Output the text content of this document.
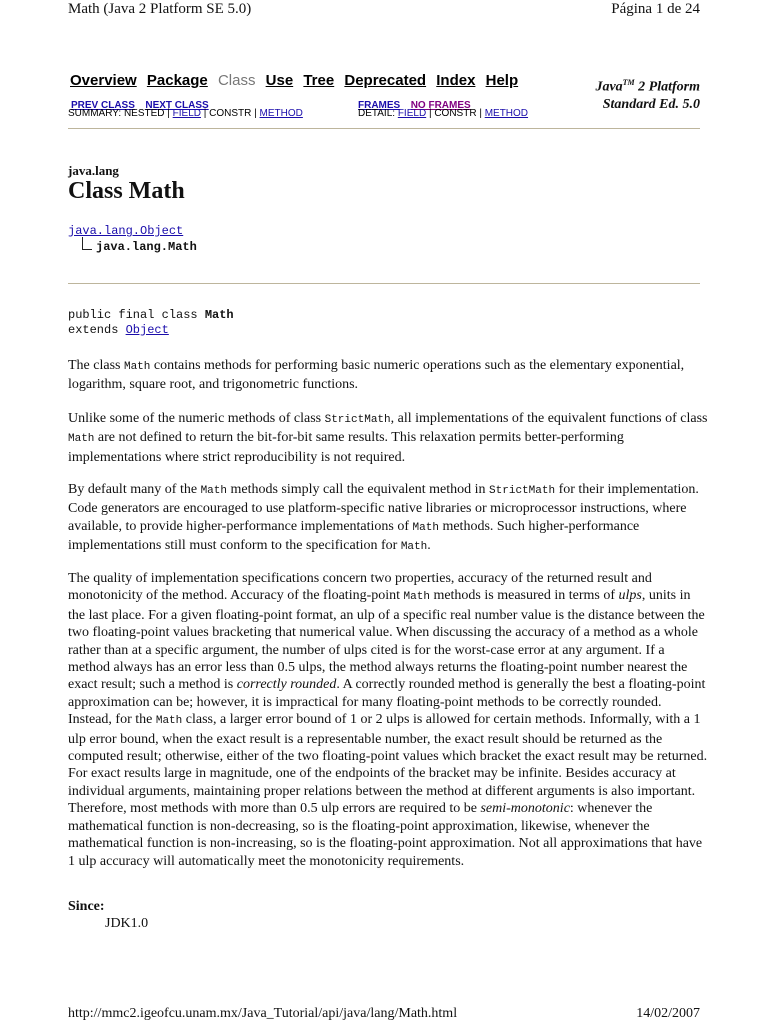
Math (Java 2 Platform SE 5.0)	Página 1 de 24
Overview Package Class Use Tree Deprecated Index Help	Java™ 2 Platform
Standard Ed. 5.0
PREV CLASS NEXT CLASS	FRAMES NO FRAMES
SUMMARY: NESTED | FIELD | CONSTR | METHOD	DETAIL: FIELD | CONSTR | METHOD
java.lang
Class Math
java.lang.Object
java.lang.Math
public final class Math
extends Object
The class Math contains methods for performing basic numeric operations such as the elementary exponential, logarithm, square root, and trigonometric functions.
Unlike some of the numeric methods of class StrictMath, all implementations of the equivalent functions of class Math are not defined to return the bit-for-bit same results. This relaxation permits better-performing implementations where strict reproducibility is not required.
By default many of the Math methods simply call the equivalent method in StrictMath for their implementation. Code generators are encouraged to use platform-specific native libraries or microprocessor instructions, where available, to provide higher-performance implementations of Math methods. Such higher-performance implementations still must conform to the specification for Math.
The quality of implementation specifications concern two properties, accuracy of the returned result and monotonicity of the method. Accuracy of the floating-point Math methods is measured in terms of ulps, units in the last place. For a given floating-point format, an ulp of a specific real number value is the distance between the two floating-point values bracketing that numerical value. When discussing the accuracy of a method as a whole rather than at a specific argument, the number of ulps cited is for the worst-case error at any argument. If a method always has an error less than 0.5 ulps, the method always returns the floating-point number nearest the exact result; such a method is correctly rounded. A correctly rounded method is generally the best a floating-point approximation can be; however, it is impractical for many floating-point methods to be correctly rounded. Instead, for the Math class, a larger error bound of 1 or 2 ulps is allowed for certain methods. Informally, with a 1 ulp error bound, when the exact result is a representable number, the exact result should be returned as the computed result; otherwise, either of the two floating-point values which bracket the exact result may be returned. For exact results large in magnitude, one of the endpoints of the bracket may be infinite. Besides accuracy at individual arguments, maintaining proper relations between the method at different arguments is also important. Therefore, most methods with more than 0.5 ulp errors are required to be semi-monotonic: whenever the mathematical function is non-decreasing, so is the floating-point approximation, likewise, whenever the mathematical function is non-increasing, so is the floating-point approximation. Not all approximations that have 1 ulp accuracy will automatically meet the monotonicity requirements.
Since:
JDK1.0
http://mmc2.igeofcu.unam.mx/Java_Tutorial/api/java/lang/Math.html	14/02/2007
